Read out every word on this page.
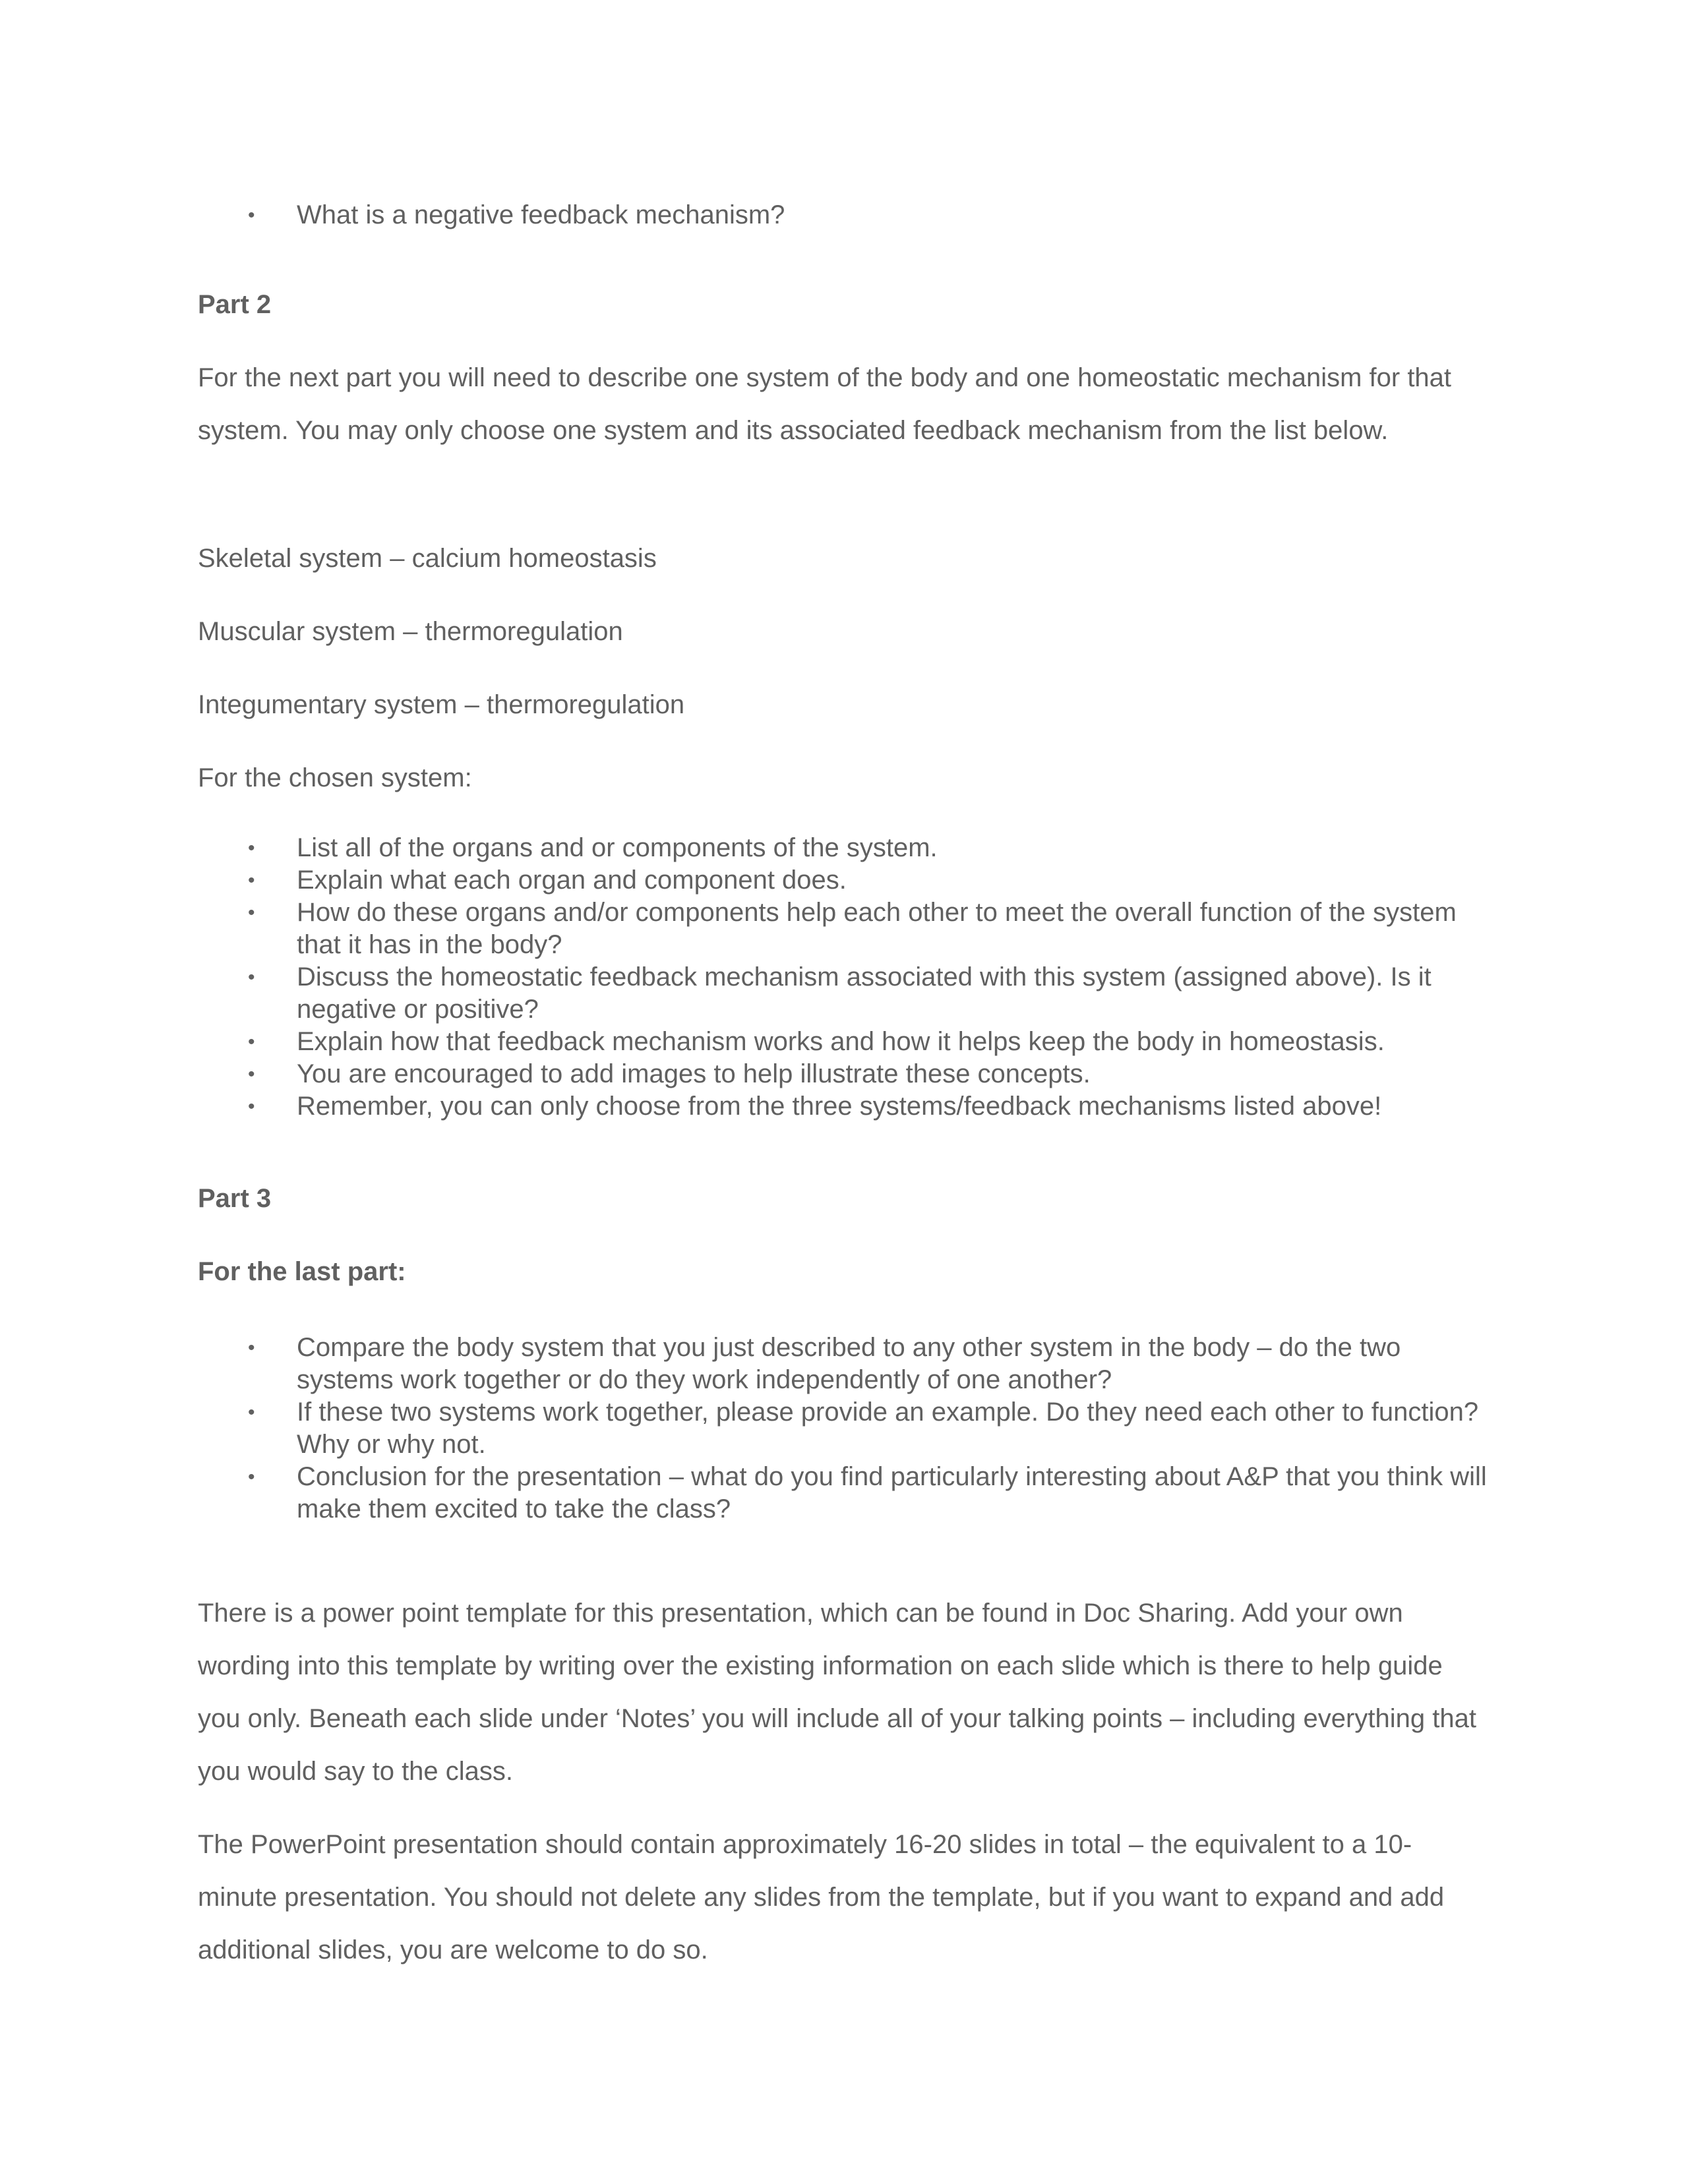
• What is a negative feedback mechanism?

Part 2

For the next part you will need to describe one system of the body and one homeostatic mechanism for that system. You may only choose one system and its associated feedback mechanism from the list below.

Skeletal system – calcium homeostasis

Muscular system – thermoregulation

Integumentary system – thermoregulation

For the chosen system:

• List all of the organs and or components of the system.
• Explain what each organ and component does.
• How do these organs and/or components help each other to meet the overall function of the system that it has in the body?
• Discuss the homeostatic feedback mechanism associated with this system (assigned above). Is it negative or positive?
• Explain how that feedback mechanism works and how it helps keep the body in homeostasis.
• You are encouraged to add images to help illustrate these concepts.
• Remember, you can only choose from the three systems/feedback mechanisms listed above!

Part 3

For the last part:

• Compare the body system that you just described to any other system in the body – do the two systems work together or do they work independently of one another?
• If these two systems work together, please provide an example. Do they need each other to function? Why or why not.
• Conclusion for the presentation – what do you find particularly interesting about A&P that you think will make them excited to take the class?

There is a power point template for this presentation, which can be found in Doc Sharing. Add your own wording into this template by writing over the existing information on each slide which is there to help guide you only. Beneath each slide under ‘Notes’ you will include all of your talking points – including everything that you would say to the class.

The PowerPoint presentation should contain approximately 16-20 slides in total – the equivalent to a 10-minute presentation. You should not delete any slides from the template, but if you want to expand and add additional slides, you are welcome to do so.
